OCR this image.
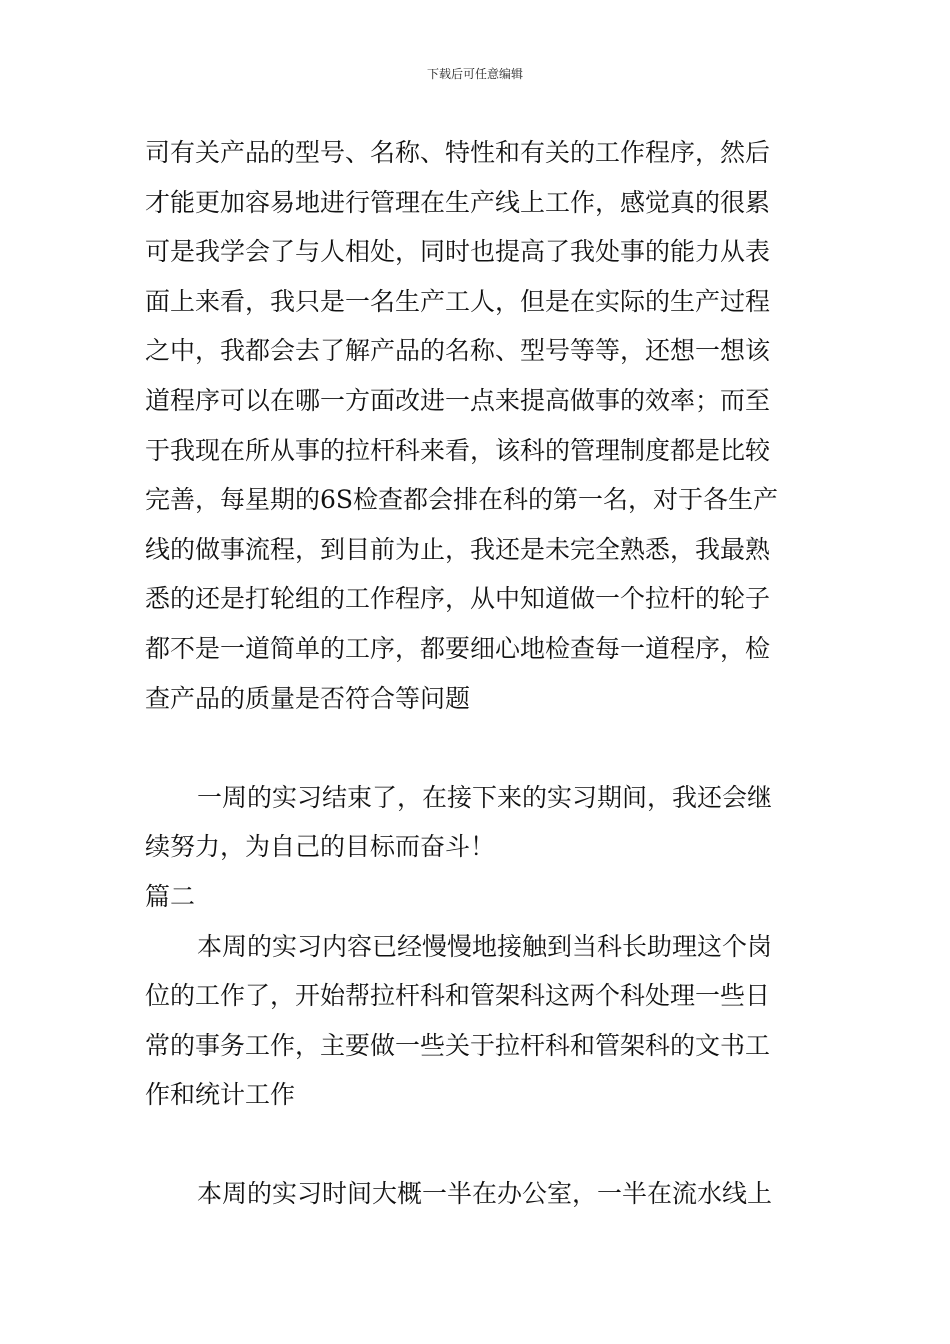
下载后可任意编辑
司有关产品的型号、名称、特性和有关的工作程序，然后
才能更加容易地进行管理在生产线上工作，感觉真的很累
可是我学会了与人相处，同时也提高了我处事的能力从表
面上来看，我只是一名生产工人，但是在实际的生产过程
之中，我都会去了解产品的名称、型号等等，还想一想该
道程序可以在哪一方面改进一点来提高做事的效率；而至
于我现在所从事的拉杆科来看，该科的管理制度都是比较
完善，每星期的6S检查都会排在科的第一名，对于各生产
线的做事流程，到目前为止，我还是未完全熟悉，我最熟
悉的还是打轮组的工作程序，从中知道做一个拉杆的轮子
都不是一道简单的工序，都要细心地检查每一道程序，检
查产品的质量是否符合等问题
一周的实习结束了，在接下来的实习期间，我还会继
续努力，为自己的目标而奋斗！
篇二
本周的实习内容已经慢慢地接触到当科长助理这个岗
位的工作了，开始帮拉杆科和管架科这两个科处理一些日
常的事务工作，主要做一些关于拉杆科和管架科的文书工
作和统计工作
本周的实习时间大概一半在办公室，一半在流水线上
